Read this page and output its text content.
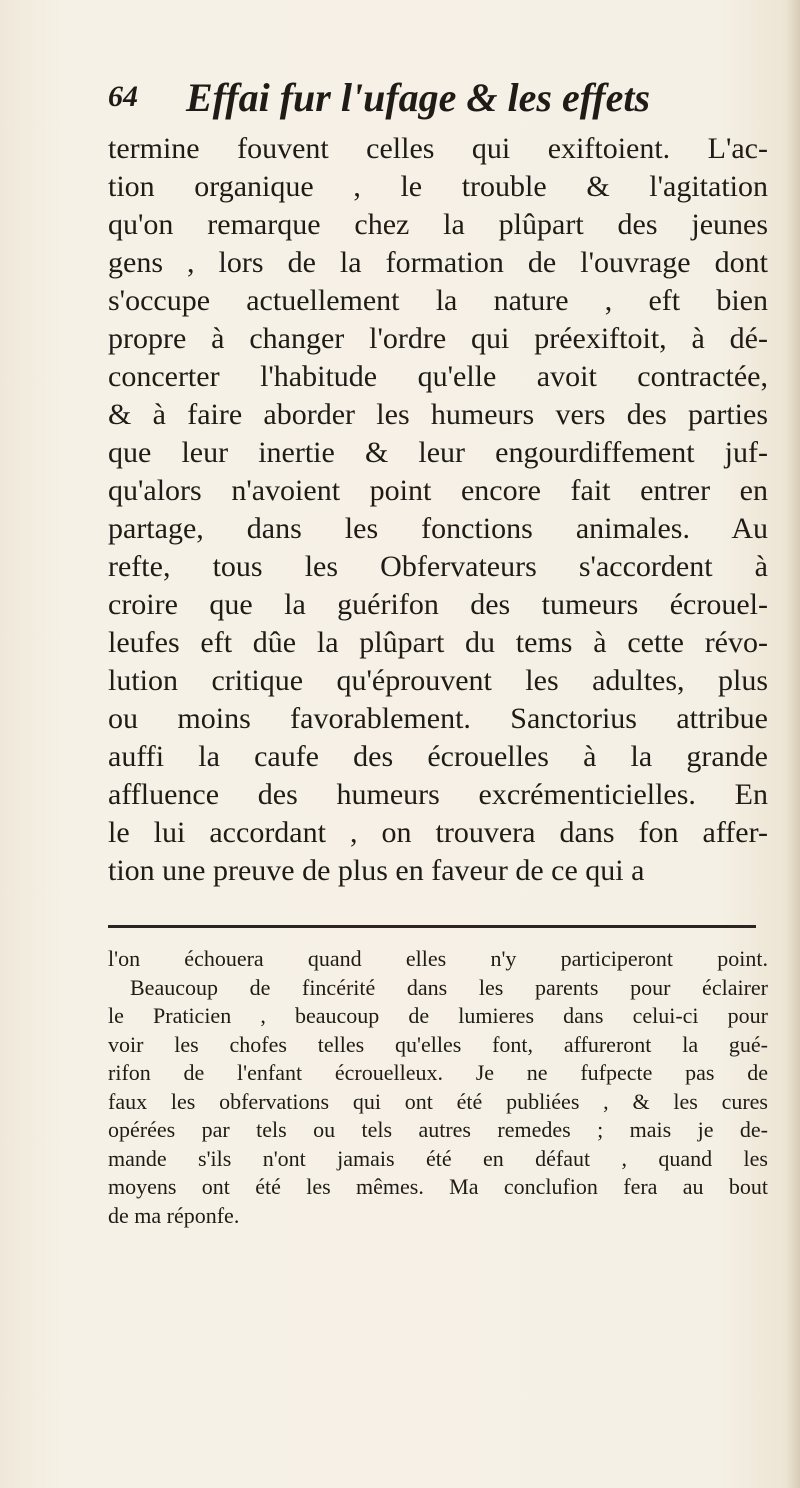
64 Effai fur l'ufage & les effets
termine fouvent celles qui exiftoient. L'ac-
tion organique , le trouble & l'agitation
qu'on remarque chez la plûpart des jeunes
gens , lors de la formation de l'ouvrage dont
s'occupe actuellement la nature , eft bien
propre à changer l'ordre qui préexiftoit, à dé-
concerter l'habitude qu'elle avoit contractée,
& à faire aborder les humeurs vers des parties
que leur inertie & leur engourdiffement juf-
qu'alors n'avoient point encore fait entrer en
partage, dans les fonctions animales. Au
refte, tous les Obfervateurs s'accordent à
croire que la guérifon des tumeurs écrouel-
leufes eft dûe la plûpart du tems à cette révo-
lution critique qu'éprouvent les adultes, plus
ou moins favorablement. Sanctorius attribue
auffi la caufe des écrouelles à la grande
affluence des humeurs excrémenticielles. En
le lui accordant , on trouvera dans fon affer-
tion une preuve de plus en faveur de ce qui a
l'on échouera quand elles n'y participeront point.
Beaucoup de fincérité dans les parents pour éclairer
le Praticien , beaucoup de lumieres dans celui-ci pour
voir les chofes telles qu'elles font, affureront la gué-
rifon de l'enfant écrouelleux. Je ne fufpecte pas de
faux les obfervations qui ont été publiées , & les cures
opérées par tels ou tels autres remedes ; mais je de-
mande s'ils n'ont jamais été en défaut , quand les
moyens ont été les mêmes. Ma conclufion fera au bout
de ma réponfe.
